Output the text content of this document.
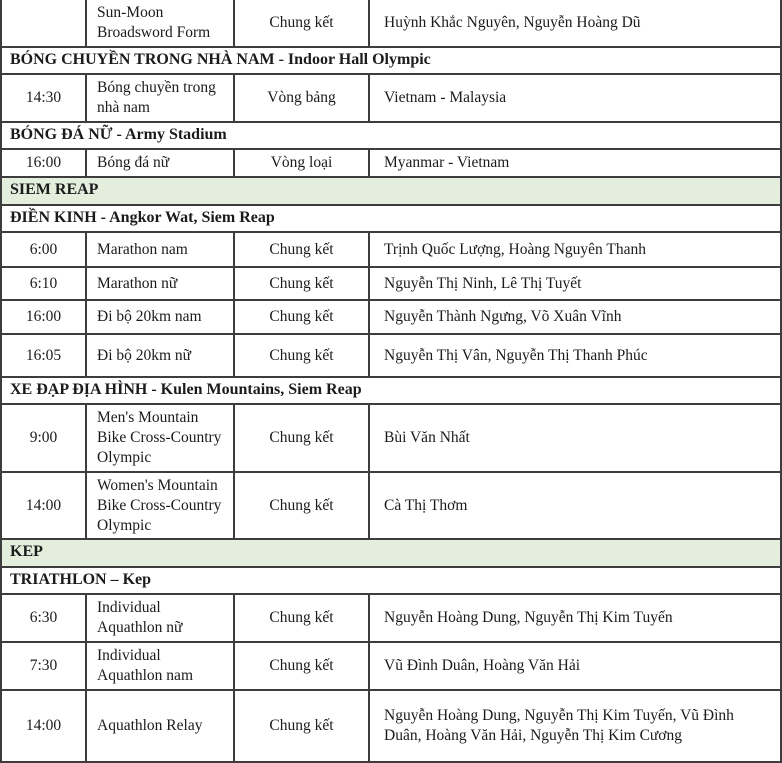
	Sun-Moon Broadsword Form	Chung kết	Huỳnh Khắc Nguyên, Nguyễn Hoàng Dũ
BÓNG CHUYỀN TRONG NHÀ NAM - Indoor Hall Olympic			
14:30	Bóng chuyền trong nhà nam	Vòng bảng	Vietnam - Malaysia
BÓNG ĐÁ NỮ - Army Stadium			
16:00	Bóng đá nữ	Vòng loại	Myanmar - Vietnam
SIEM REAP			
ĐIỀN KINH - Angkor Wat, Siem Reap			
6:00	Marathon nam	Chung kết	Trịnh Quốc Lượng, Hoàng Nguyên Thanh
6:10	Marathon nữ	Chung kết	Nguyễn Thị Ninh, Lê Thị Tuyết
16:00	Đi bộ 20km nam	Chung kết	Nguyễn Thành Ngưng, Võ Xuân Vĩnh
16:05	Đi bộ 20km nữ	Chung kết	Nguyễn Thị Vân, Nguyễn Thị Thanh Phúc
XE ĐẠP ĐỊA HÌNH - Kulen Mountains, Siem Reap			
9:00	Men's Mountain Bike Cross-Country Olympic	Chung kết	Bùi Văn Nhất
14:00	Women's Mountain Bike Cross-Country Olympic	Chung kết	Cà Thị Thơm
KEP			
TRIATHLON – Kep			
6:30	Individual Aquathlon nữ	Chung kết	Nguyễn Hoàng Dung, Nguyễn Thị Kim Tuyến
7:30	Individual Aquathlon nam	Chung kết	Vũ Đình Duân, Hoàng Văn Hải
14:00	Aquathlon Relay	Chung kết	Nguyễn Hoàng Dung, Nguyễn Thị Kim Tuyến, Vũ Đình Duân, Hoàng Văn Hải, Nguyễn Thị Kim Cương
